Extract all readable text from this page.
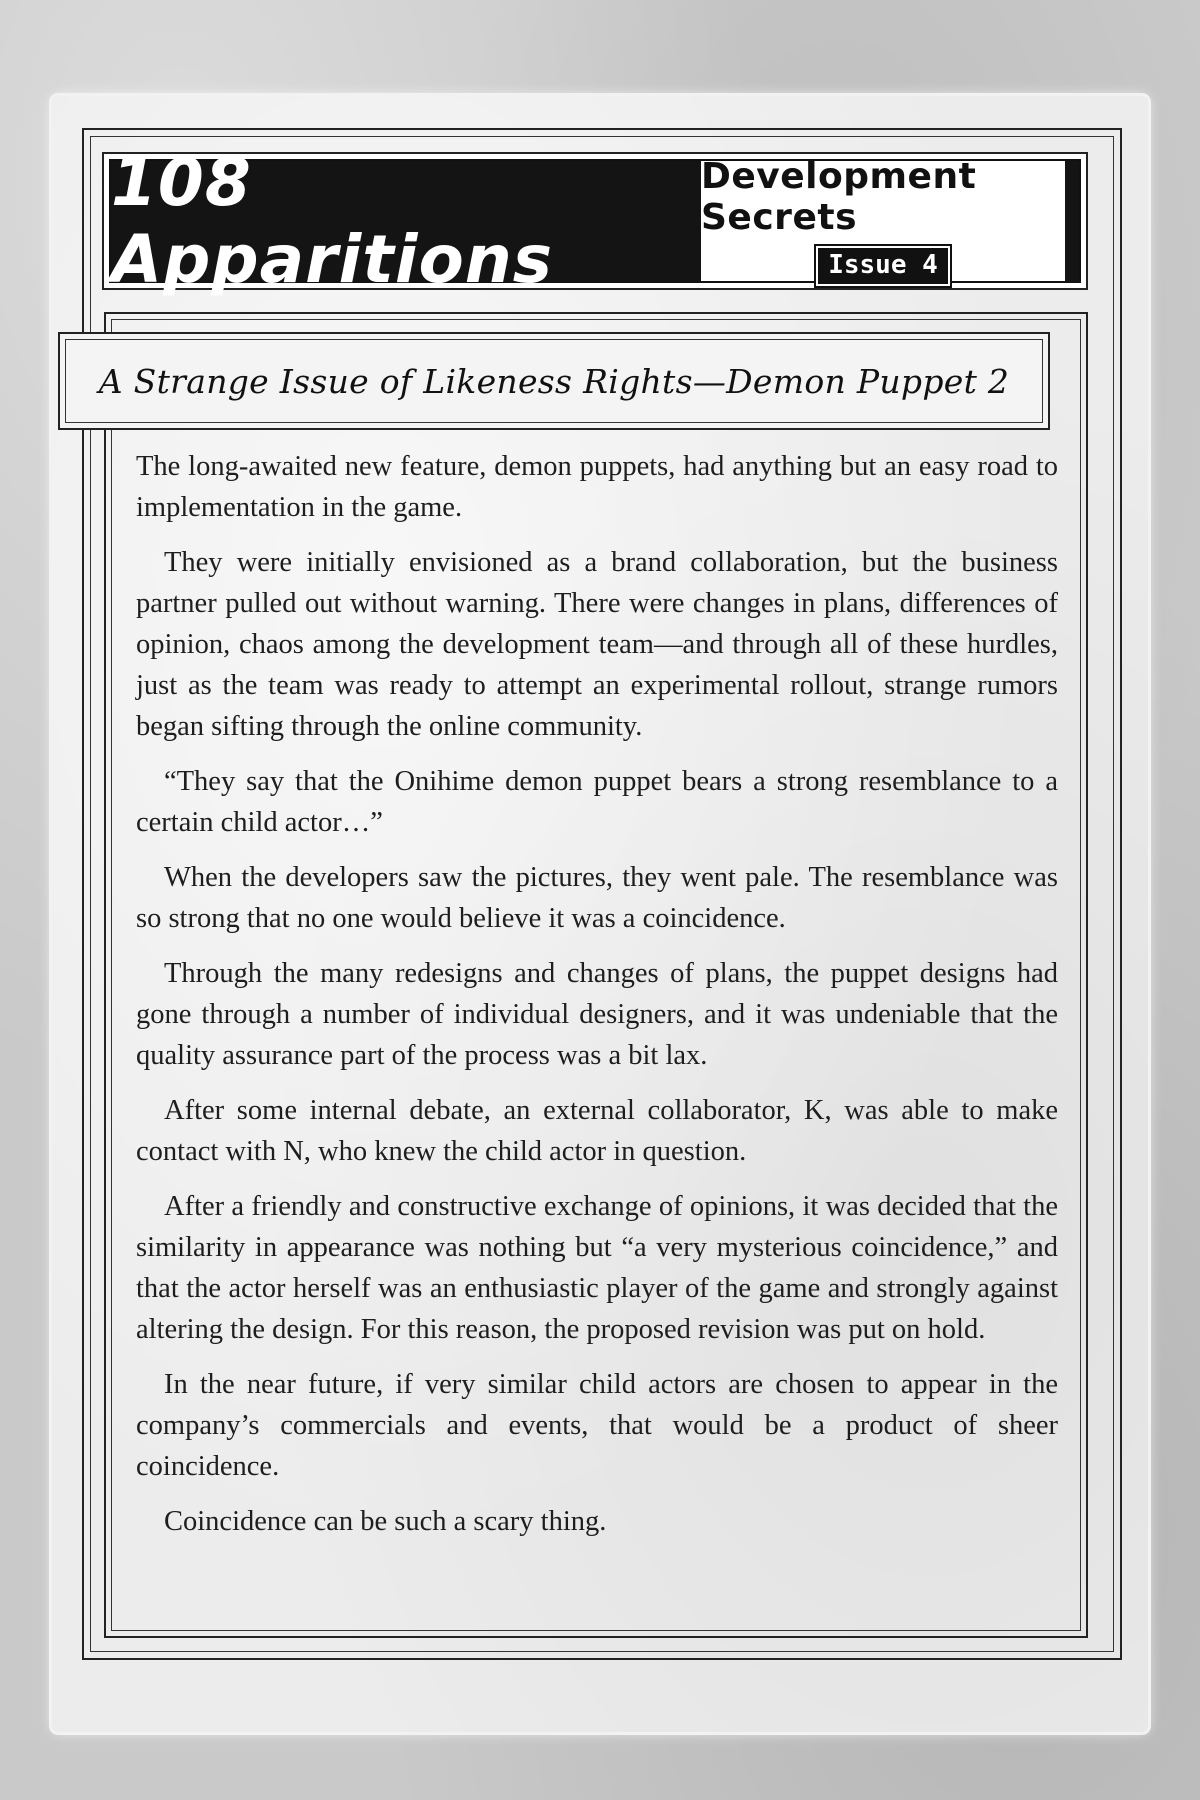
108 Apparitions
Development Secrets
Issue 4
A Strange Issue of Likeness Rights—Demon Puppet 2

The long-awaited new feature, demon puppets, had anything but an easy road to implementation in the game.

They were initially envisioned as a brand collaboration, but the business partner pulled out without warning. There were changes in plans, differences of opinion, chaos among the development team—and through all of these hurdles, just as the team was ready to attempt an experimental rollout, strange rumors began sifting through the online community.

“They say that the Onihime demon puppet bears a strong resemblance to a certain child actor…”

When the developers saw the pictures, they went pale. The resemblance was so strong that no one would believe it was a coincidence.

Through the many redesigns and changes of plans, the puppet designs had gone through a number of individual designers, and it was undeniable that the quality assurance part of the process was a bit lax.

After some internal debate, an external collaborator, K, was able to make contact with N, who knew the child actor in question.

After a friendly and constructive exchange of opinions, it was decided that the similarity in appearance was nothing but “a very mysterious coincidence,” and that the actor herself was an enthusiastic player of the game and strongly against altering the design. For this reason, the proposed revision was put on hold.

In the near future, if very similar child actors are chosen to appear in the company’s commercials and events, that would be a product of sheer coincidence.

Coincidence can be such a scary thing.
